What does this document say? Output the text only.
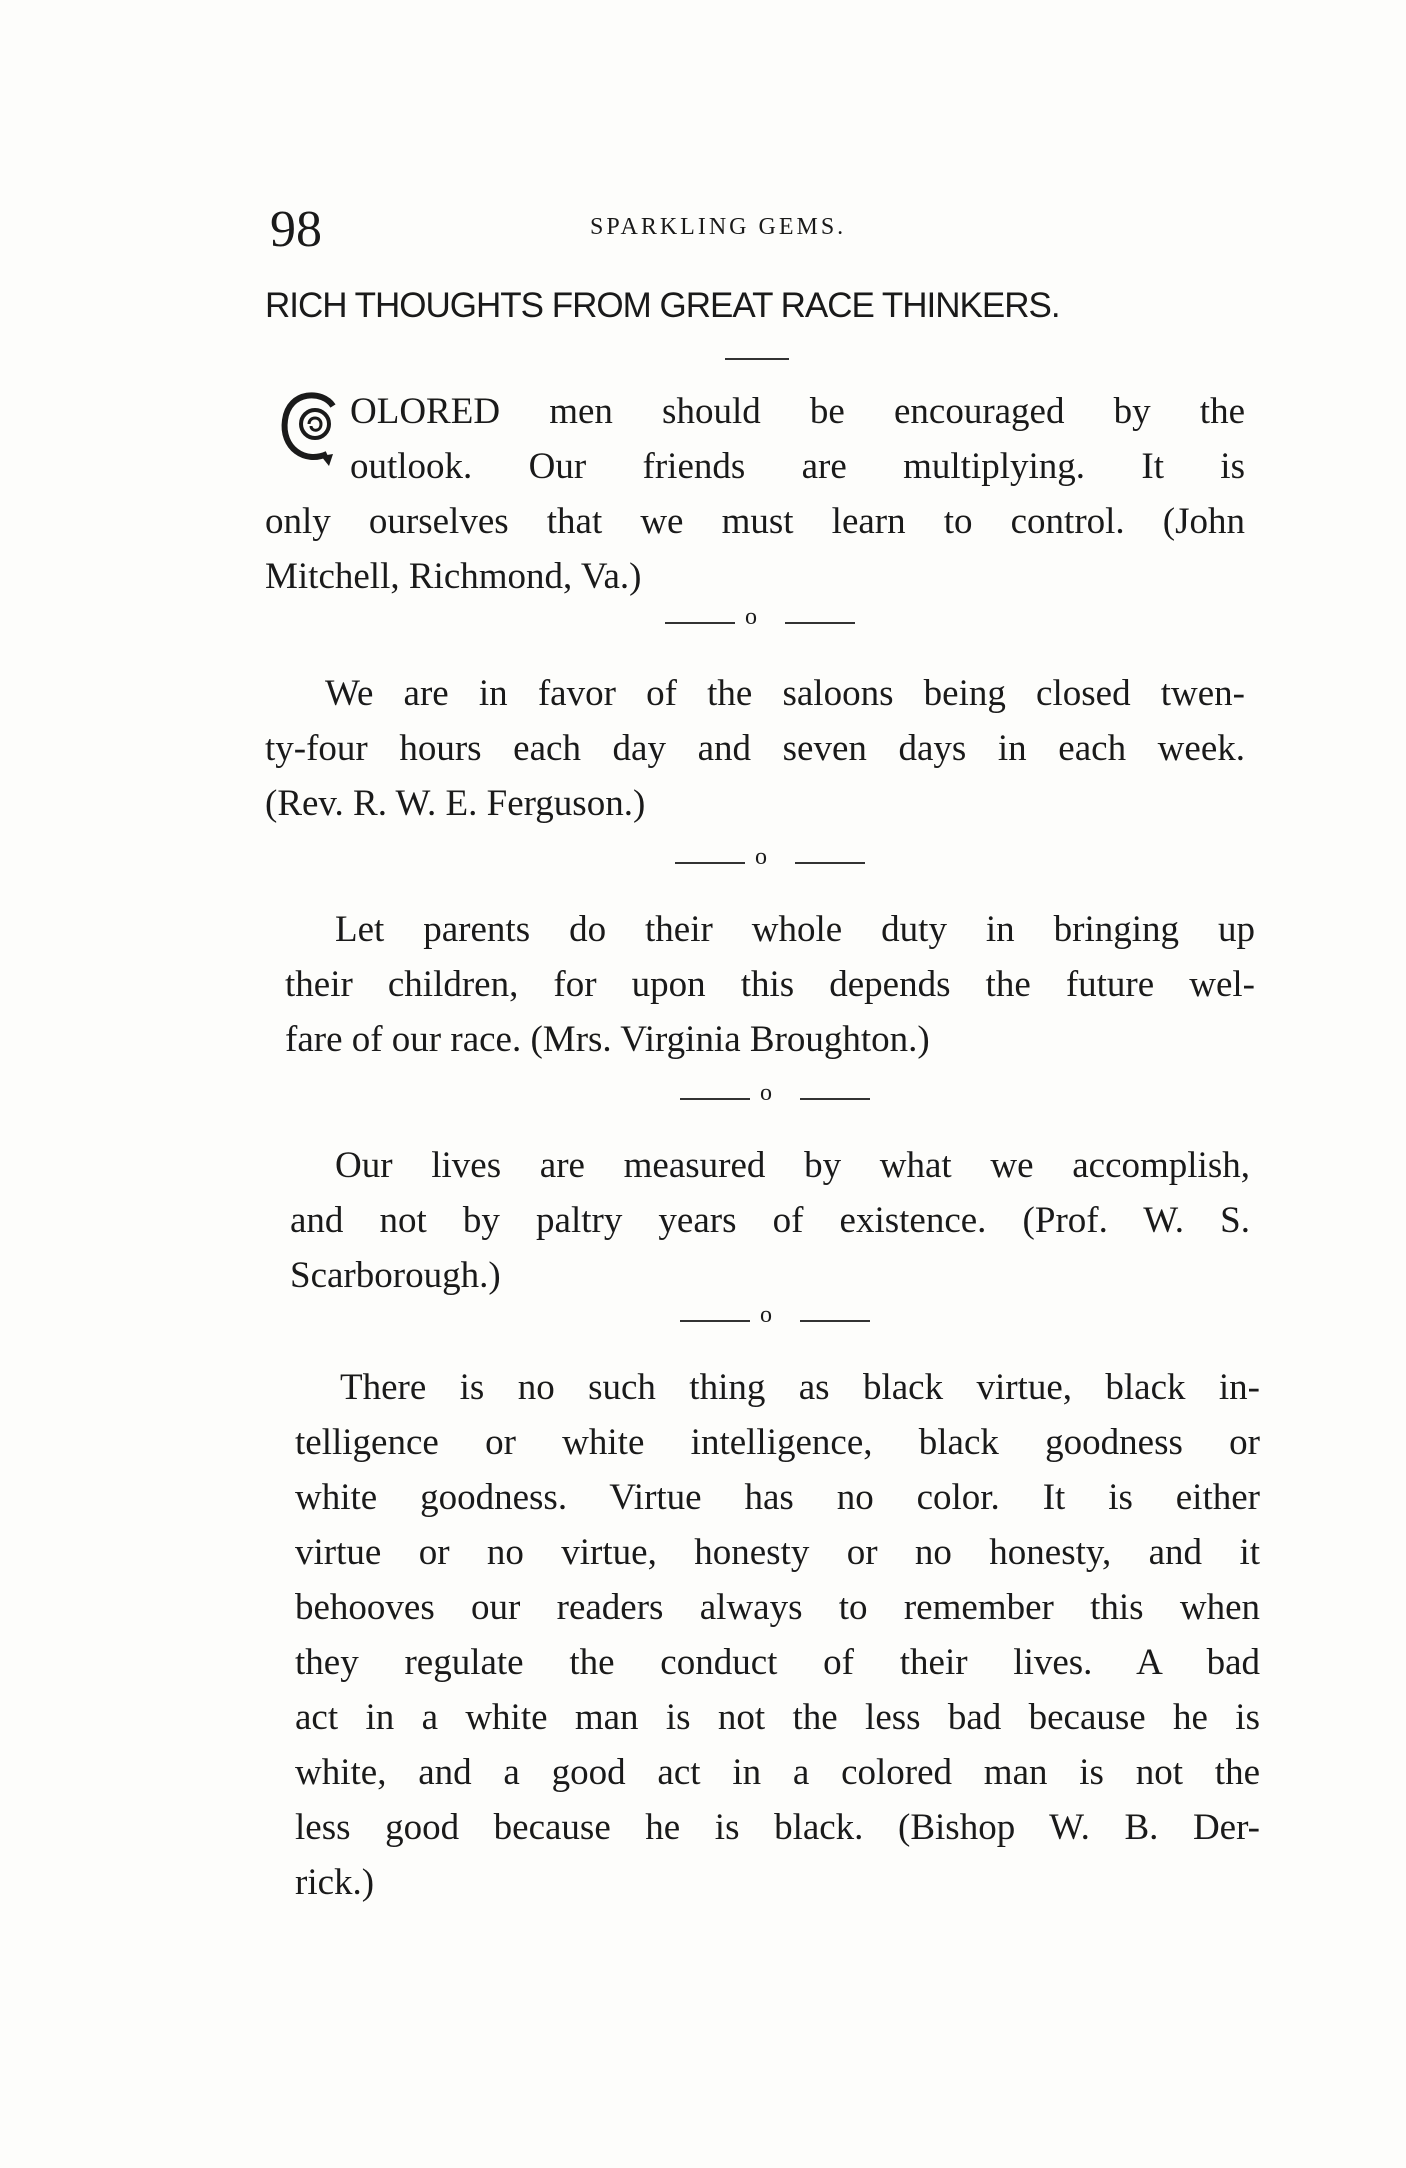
98	SPARKLING GEMS.
RICH THOUGHTS FROM GREAT RACE THINKERS.
OLORED men should be encouraged by the
outlook. Our friends are multiplying. It is
only ourselves that we must learn to control. (John
Mitchell, Richmond, Va.)
o
We are in favor of the saloons being closed twen-
ty-four hours each day and seven days in each week.
(Rev. R. W. E. Ferguson.)
o
Let parents do their whole duty in bringing up
their children, for upon this depends the future wel-
fare of our race. (Mrs. Virginia Broughton.)
o
Our lives are measured by what we accomplish,
and not by paltry years of existence. (Prof. W. S.
Scarborough.)
o
There is no such thing as black virtue, black in-
telligence or white intelligence, black goodness or
white goodness. Virtue has no color. It is either
virtue or no virtue, honesty or no honesty, and it
behooves our readers always to remember this when
they regulate the conduct of their lives. A bad
act in a white man is not the less bad because he is
white, and a good act in a colored man is not the
less good because he is black. (Bishop W. B. Der-
rick.)
